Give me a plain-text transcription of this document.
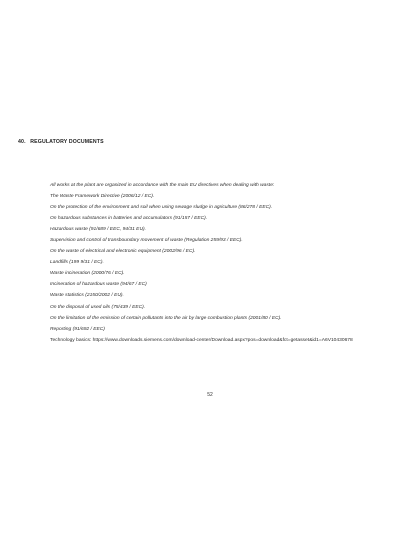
40. REGULATORY DOCUMENTS
All works at the plant are organized in accordance with the main EU directives when dealing with waste:
The Waste Framework Directive (2006/12 / EC).
On the protection of the environment and soil when using sewage sludge in agriculture (86/278 / EEC).
On hazardous substances in batteries and accumulators (91/157 / EEC).
Hazardous waste (91/689 / EEC, 94/31 EU).
Supervision and control of transboundary movement of waste (Regulation 259/93 / EEC).
On the waste of electrical and electronic equipment (2002/96 / EC).
Landfills (199 9/31 / EC).
Waste incineration (2000/76 / EC).
Incineration of hazardous waste (94/67 / EC)
Waste statistics (2150/2002 / EU).
On the disposal of used oils (75/439 / EEC).
On the limitation of the emission of certain pollutants into the air by large combustion plants (2001/80 / EC).
Reporting (91/692 / EEC)
Technology basics: https://www.downloads.siemens.com/download-center/Download.aspx?pos=download&fct=getasset&id1=A6V10430678
52
